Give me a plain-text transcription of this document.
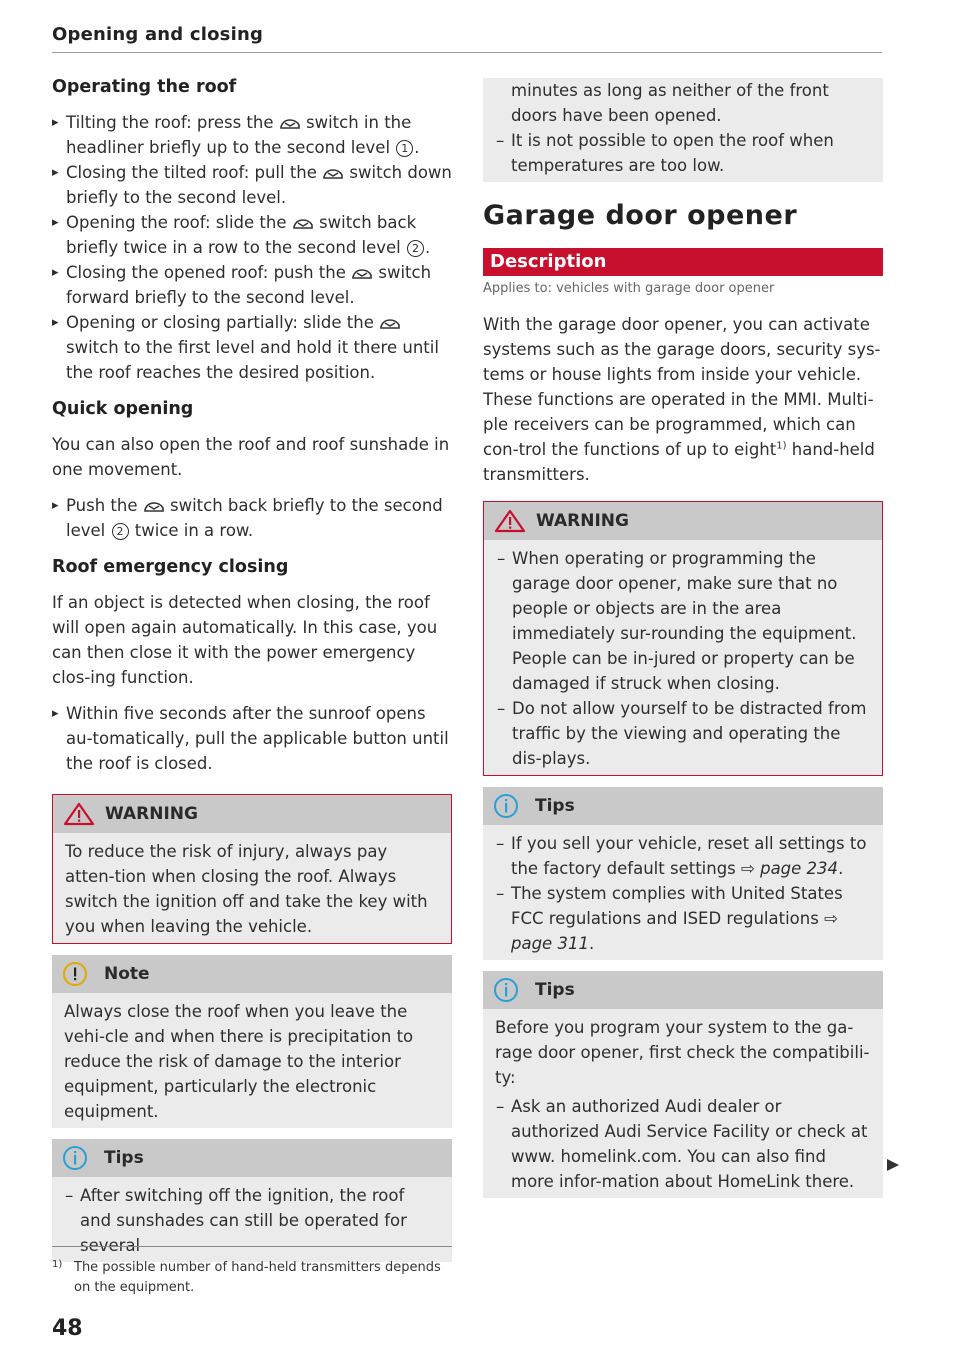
Opening and closing
Operating the roof
▸ Tilting the roof: press the switch in the headliner briefly up to the second level 1 .
▸ Closing the tilted roof: pull the switch down briefly to the second level.
▸ Opening the roof: slide the switch back briefly twice in a row to the second level 2 .
▸ Closing the opened roof: push the switch forward briefly to the second level.
▸ Opening or closing partially: slide the  switch to the first level and hold it there until the roof reaches the desired position.
Quick opening

You can also open the roof and roof sunshade in one movement.

▸ Push the switch back briefly to the second level 2 twice in a row.
Roof emergency closing

If an object is detected when closing, the roof will open again automatically. In this case, you can then close it with the power emergency clos-ing function.

▸ Within five seconds after the sunroof opens au-tomatically, pull the applicable button until the roof is closed.
WARNING

To reduce the risk of injury, always pay atten-tion when closing the roof. Always switch the ignition off and take the key with you when leaving the vehicle.

Note

Always close the roof when you leave the vehi-cle and when there is precipitation to reduce the risk of damage to the interior equipment, particularly the electronic equipment.

Tips
– After switching off the ignition, the roof and sunshades can still be operated for several
minutes as long as neither of the front doors have been opened.
– It is not possible to open the roof when temperatures are too low.
Garage door opener
Description
Applies to: vehicles with garage door opener

With the garage door opener, you can activate systems such as the garage doors, security sys-tems or house lights from inside your vehicle. These functions are operated in the MMI. Multi-ple receivers can be programmed, which can con-trol the functions of up to eight$^{1)}$ hand-held transmitters.

WARNING
– When operating or programming the garage door opener, make sure that no people or objects are in the area immediately sur-rounding the equipment. People can be in-jured or property can be damaged if struck when closing.
– Do not allow yourself to be distracted from traffic by the viewing and operating the dis-plays.
Tips
– If you sell your vehicle, reset all settings to the factory default settings ⇨ page 234.
– The system complies with United States FCC regulations and ISED regulations ⇨ page 311.
Tips

Before you program your system to the ga-rage door opener, first check the compatibili-ty:

– Ask an authorized Audi dealer or authorized Audi Service Facility or check at www. homelink.com. You can also find more infor-mation about HomeLink there.
1) The possible number of hand-held transmitters depends on the equipment.
48
